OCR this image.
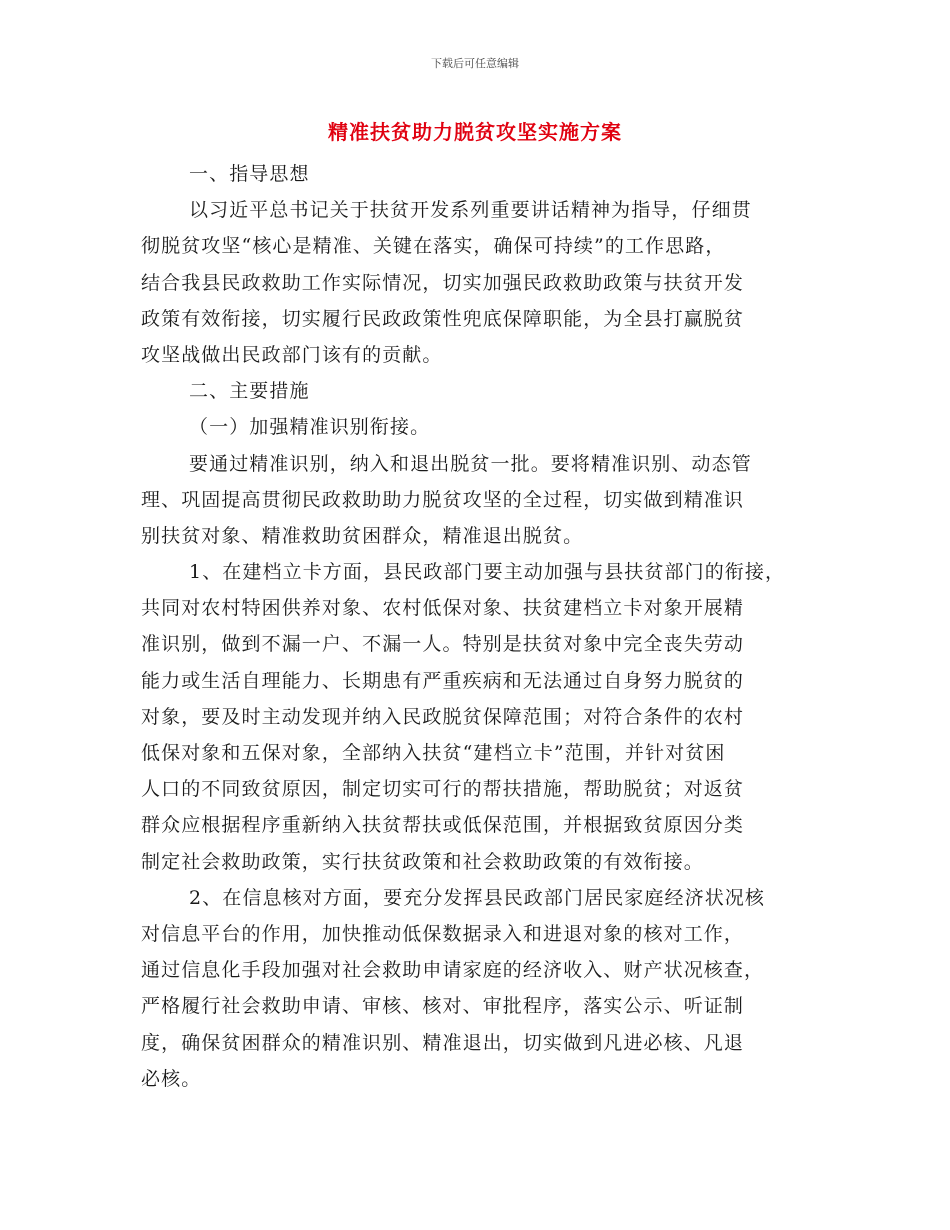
下载后可任意编辑
精准扶贫助力脱贫攻坚实施方案
一、指导思想
以习近平总书记关于扶贫开发系列重要讲话精神为指导，仔细贯
彻脱贫攻坚“核心是精准、关键在落实，确保可持续”的工作思路，
结合我县民政救助工作实际情况，切实加强民政救助政策与扶贫开发
政策有效衔接，切实履行民政政策性兜底保障职能，为全县打赢脱贫
攻坚战做出民政部门该有的贡献。
二、主要措施
（一）加强精准识别衔接。
要通过精准识别，纳入和退出脱贫一批。要将精准识别、动态管
理、巩固提高贯彻民政救助助力脱贫攻坚的全过程，切实做到精准识
别扶贫对象、精准救助贫困群众，精准退出脱贫。
1、在建档立卡方面，县民政部门要主动加强与县扶贫部门的衔接，
共同对农村特困供养对象、农村低保对象、扶贫建档立卡对象开展精
准识别，做到不漏一户、不漏一人。特别是扶贫对象中完全丧失劳动
能力或生活自理能力、长期患有严重疾病和无法通过自身努力脱贫的
对象，要及时主动发现并纳入民政脱贫保障范围；对符合条件的农村
低保对象和五保对象，全部纳入扶贫“建档立卡”范围，并针对贫困
人口的不同致贫原因，制定切实可行的帮扶措施，帮助脱贫；对返贫
群众应根据程序重新纳入扶贫帮扶或低保范围，并根据致贫原因分类
制定社会救助政策，实行扶贫政策和社会救助政策的有效衔接。
2、在信息核对方面，要充分发挥县民政部门居民家庭经济状况核
对信息平台的作用，加快推动低保数据录入和进退对象的核对工作，
通过信息化手段加强对社会救助申请家庭的经济收入、财产状况核查，
严格履行社会救助申请、审核、核对、审批程序，落实公示、听证制
度，确保贫困群众的精准识别、精准退出，切实做到凡进必核、凡退
必核。
